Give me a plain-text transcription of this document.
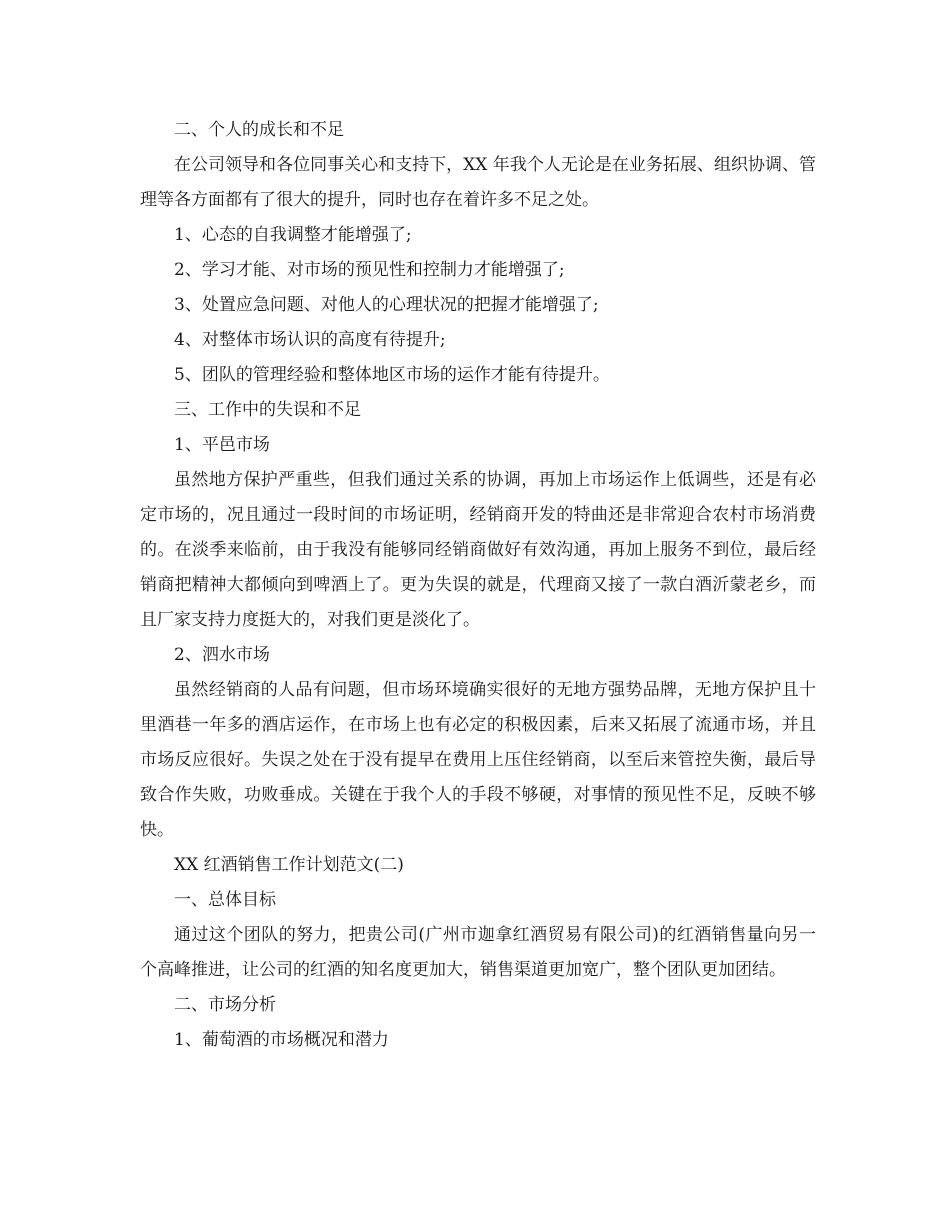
二、个人的成长和不足

在公司领导和各位同事关心和支持下，XX 年我个人无论是在业务拓展、组织协调、管理等各方面都有了很大的提升，同时也存在着许多不足之处。

1、心态的自我调整才能增强了;

2、学习才能、对市场的预见性和控制力才能增强了;

3、处置应急问题、对他人的心理状况的把握才能增强了;

4、对整体市场认识的高度有待提升;

5、团队的管理经验和整体地区市场的运作才能有待提升。

三、工作中的失误和不足

1、平邑市场

虽然地方保护严重些，但我们通过关系的协调，再加上市场运作上低调些，还是有必定市场的，况且通过一段时间的市场证明，经销商开发的特曲还是非常迎合农村市场消费的。在淡季来临前，由于我没有能够同经销商做好有效沟通，再加上服务不到位，最后经销商把精神大都倾向到啤酒上了。更为失误的就是，代理商又接了一款白酒沂蒙老乡，而且厂家支持力度挺大的，对我们更是淡化了。

2、泗水市场

虽然经销商的人品有问题，但市场环境确实很好的无地方强势品牌，无地方保护且十里酒巷一年多的酒店运作，在市场上也有必定的积极因素，后来又拓展了流通市场，并且市场反应很好。失误之处在于没有提早在费用上压住经销商，以至后来管控失衡，最后导致合作失败，功败垂成。关键在于我个人的手段不够硬，对事情的预见性不足，反映不够快。

XX 红酒销售工作计划范文(二)

一、总体目标

通过这个团队的努力，把贵公司(广州市迦拿红酒贸易有限公司)的红酒销售量向另一个高峰推进，让公司的红酒的知名度更加大，销售渠道更加宽广，整个团队更加团结。

二、市场分析

1、葡萄酒的市场概况和潜力
